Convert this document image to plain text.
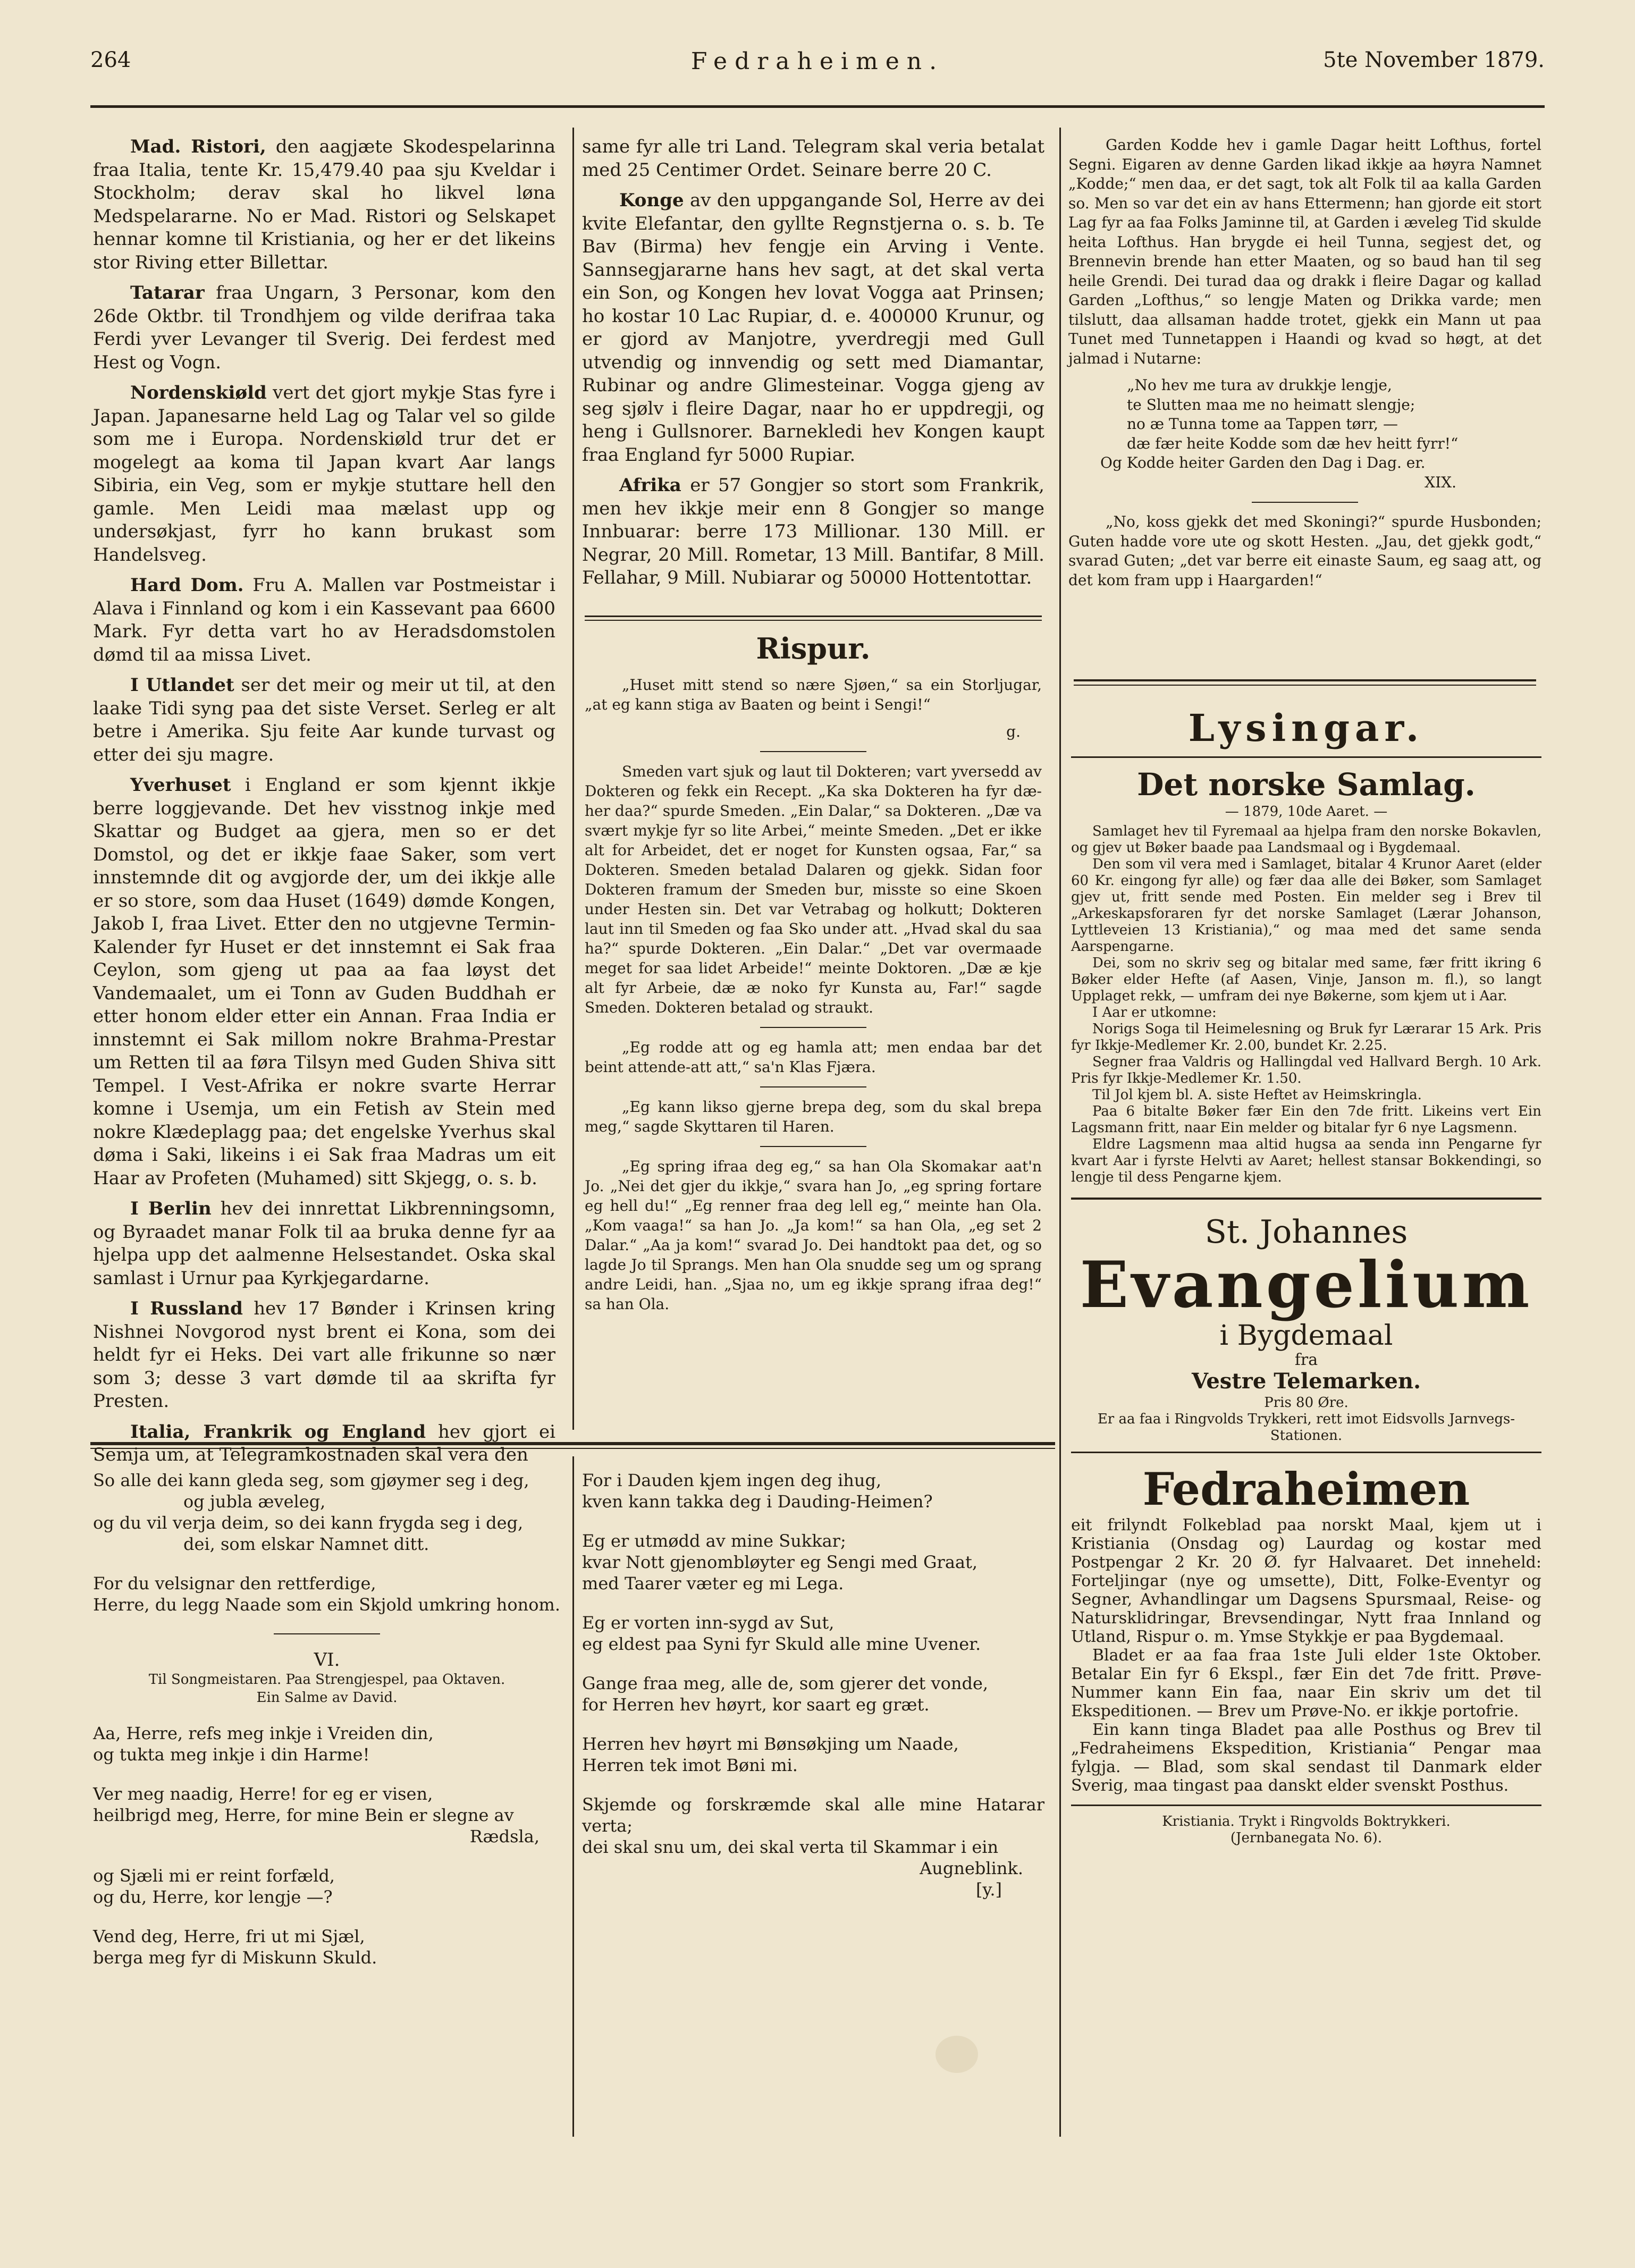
264	Fedraheimen.	5te November 1879.

Mad. Ristori, den aagjæte Skodespelarinna fraa Italia, tente Kr. 15,479.40 paa sju Kveldar i Stockholm; derav skal ho likvel løna Medspelararne. No er Mad. Ristori og Selskapet hennar komne til Kristiania, og her er det likeins stor Riving etter Billettar.

Tatarar fraa Ungarn, 3 Personar, kom den 26de Oktbr. til Trondhjem og vilde derifraa taka Ferdi yver Levanger til Sverig. Dei ferdest med Hest og Vogn.

Nordenskiøld vert det gjort mykje Stas fyre i Japan. Japanesarne held Lag og Talar vel so gilde som me i Europa. Nordenskiøld trur det er mogelegt aa koma til Japan kvart Aar langs Sibiria, ein Veg, som er mykje stuttare hell den gamle. Men Leidi maa mælast upp og undersøkjast, fyrr ho kann brukast som Handelsveg.

Hard Dom. Fru A. Mallen var Postmeistar i Alava i Finnland og kom i ein Kassevant paa 6600 Mark. Fyr detta vart ho av Heradsdomstolen dømd til aa missa Livet.

I Utlandet ser det meir og meir ut til, at den laake Tidi syng paa det siste Verset. Serleg er alt betre i Amerika. Sju feite Aar kunde turvast og etter dei sju magre.

Yverhuset i England er som kjennt ikkje berre loggjevande. Det hev visstnog inkje med Skattar og Budget aa gjera, men so er det Domstol, og det er ikkje faae Saker, som vert innstemnde dit og avgjorde der, um dei ikkje alle er so store, som daa Huset (1649) dømde Kongen, Jakob I, fraa Livet. Etter den no utgjevne Termin-Kalender fyr Huset er det innstemnt ei Sak fraa Ceylon, som gjeng ut paa aa faa løyst det Vandemaalet, um ei Tonn av Guden Buddhah er etter honom elder etter ein Annan. Fraa India er innstemnt ei Sak millom nokre Brahma-Prestar um Retten til aa føra Tilsyn med Guden Shiva sitt Tempel. I Vest-Afrika er nokre svarte Herrar komne i Usemja, um ein Fetish av Stein med nokre Klædeplagg paa; det engelske Yverhus skal døma i Saki, likeins i ei Sak fraa Madras um eit Haar av Profeten (Muhamed) sitt Skjegg, o. s. b.

I Berlin hev dei innrettat Likbrenningsomn, og Byraadet manar Folk til aa bruka denne fyr aa hjelpa upp det aalmenne Helsestandet. Oska skal samlast i Urnur paa Kyrkjegardarne.

I Russland hev 17 Bønder i Krinsen kring Nishnei Novgorod nyst brent ei Kona, som dei heldt fyr ei Heks. Dei vart alle frikunne so nær som 3; desse 3 vart dømde til aa skrifta fyr Presten.

Italia, Frankrik og England hev gjort ei Semja um, at Telegramkostnaden skal vera den

same fyr alle tri Land. Telegram skal veria betalat med 25 Centimer Ordet. Seinare berre 20 C.

Konge av den uppgangande Sol, Herre av dei kvite Elefantar, den gyllte Regnstjerna o. s. b. Te Bav (Birma) hev fengje ein Arving i Vente. Sannsegjararne hans hev sagt, at det skal verta ein Son, og Kongen hev lovat Vogga aat Prinsen; ho kostar 10 Lac Rupiar, d. e. 400000 Krunur, og er gjord av Manjotre, yverdregji med Gull utvendig og innvendig og sett med Diamantar, Rubinar og andre Glimesteinar. Vogga gjeng av seg sjølv i fleire Dagar, naar ho er uppdregji, og heng i Gullsnorer. Barnekledi hev Kongen kaupt fraa England fyr 5000 Rupiar.

Afrika er 57 Gongjer so stort som Frankrik, men hev ikkje meir enn 8 Gongjer so mange Innbuarar: berre 173 Millionar. 130 Mill. er Negrar, 20 Mill. Rometar, 13 Mill. Bantifar, 8 Mill. Fellahar, 9 Mill. Nubiarar og 50000 Hottentottar.

Rispur.

„Huset mitt stend so nære Sjøen,“ sa ein Storljugar, „at eg kann stiga av Baaten og beint i Sengi!“

g.

Smeden vart sjuk og laut til Dokteren; vart yversedd av Dokteren og fekk ein Recept. „Ka ska Dokteren ha fyr dæ-her daa?“ spurde Smeden. „Ein Dalar,“ sa Dokteren. „Dæ va svært mykje fyr so lite Arbei,“ meinte Smeden. „Det er ikke alt for Arbeidet, det er noget for Kunsten ogsaa, Far,“ sa Dokteren. Smeden betalad Dalaren og gjekk. Sidan foor Dokteren framum der Smeden bur, misste so eine Skoen under Hesten sin. Det var Vetrabag og holkutt; Dokteren laut inn til Smeden og faa Sko under att. „Hvad skal du saa ha?“ spurde Dokteren. „Ein Dalar.“ „Det var overmaade meget for saa lidet Arbeide!“ meinte Doktoren. „Dæ æ kje alt fyr Arbeie, dæ æ noko fyr Kunsta au, Far!“ sagde Smeden. Dokteren betalad og straukt.

„Eg rodde att og eg hamla att; men endaa bar det beint attende-att att,“ sa'n Klas Fjæra.

„Eg kann likso gjerne brepa deg, som du skal brepa meg,“ sagde Skyttaren til Haren.

„Eg spring ifraa deg eg,“ sa han Ola Skomakar aat'n Jo. „Nei det gjer du ikkje,“ svara han Jo, „eg spring fortare eg hell du!“ „Eg renner fraa deg lell eg,“ meinte han Ola. „Kom vaaga!“ sa han Jo. „Ja kom!“ sa han Ola, „eg set 2 Dalar.“ „Aa ja kom!“ svarad Jo. Dei handtokt paa det, og so lagde Jo til Sprangs. Men han Ola snudde seg um og sprang andre Leidi, han. „Sjaa no, um eg ikkje sprang ifraa deg!“ sa han Ola.

Garden Kodde hev i gamle Dagar heitt Lofthus, fortel Segni. Eigaren av denne Garden likad ikkje aa høyra Namnet „Kodde;“ men daa, er det sagt, tok alt Folk til aa kalla Garden so. Men so var det ein av hans Ettermenn; han gjorde eit stort Lag fyr aa faa Folks Jaminne til, at Garden i æveleg Tid skulde heita Lofthus. Han brygde ei heil Tunna, segjest det, og Brennevin brende han etter Maaten, og so baud han til seg heile Grendi. Dei turad daa og drakk i fleire Dagar og kallad Garden „Lofthus,“ so lengje Maten og Drikka varde; men tilslutt, daa allsaman hadde trotet, gjekk ein Mann ut paa Tunet med Tunnetappen i Haandi og kvad so høgt, at det jalmad i Nutarne:

„No hev me tura av drukkje lengje,
te Slutten maa me no heimatt slengje;
no æ Tunna tome aa Tappen tørr, —
dæ fær heite Kodde som dæ hev heitt fyrr!“
Og Kodde heiter Garden den Dag i Dag. er.
XIX.

„No, koss gjekk det med Skoningi?“ spurde Husbonden; Guten hadde vore ute og skott Hesten. „Jau, det gjekk godt,“ svarad Guten; „det var berre eit einaste Saum, eg saag att, og det kom fram upp i Haargarden!“

Lysingar.
Det norske Samlag.
— 1879, 10de Aaret. —

Samlaget hev til Fyremaal aa hjelpa fram den norske Bokavlen, og gjev ut Bøker baade paa Landsmaal og i Bygdemaal.

Den som vil vera med i Samlaget, bitalar 4 Krunor Aaret (elder 60 Kr. eingong fyr alle) og fær daa alle dei Bøker, som Samlaget gjev ut, fritt sende med Posten. Ein melder seg i Brev til „Arkeskapsforaren fyr det norske Samlaget (Lærar Johanson, Lyttleveien 13 Kristiania),“ og maa med det same senda Aarspengarne.

Dei, som no skriv seg og bitalar med same, fær fritt ikring 6 Bøker elder Hefte (af Aasen, Vinje, Janson m. fl.), so langt Upplaget rekk, — umfram dei nye Bøkerne, som kjem ut i Aar.

I Aar er utkomne:

Norigs Soga til Heimelesning og Bruk fyr Lærarar 15 Ark. Pris fyr Ikkje-Medlemer Kr. 2.00, bundet Kr. 2.25.

Segner fraa Valdris og Hallingdal ved Hallvard Bergh. 10 Ark. Pris fyr Ikkje-Medlemer Kr. 1.50.

Til Jol kjem bl. A. siste Heftet av Heimskringla.

Paa 6 bitalte Bøker fær Ein den 7de fritt. Likeins vert Ein Lagsmann fritt, naar Ein melder og bitalar fyr 6 nye Lagsmenn.

Eldre Lagsmenn maa altid hugsa aa senda inn Pengarne fyr kvart Aar i fyrste Helvti av Aaret; hellest stansar Bokkendingi, so lengje til dess Pengarne kjem.

St. Johannes
Evangelium
i Bygdemaal
fra
Vestre Telemarken.
Pris 80 Øre.
Er aa faa i Ringvolds Trykkeri, rett imot Eidsvolls Jarnvegs-Stationen.
Fedraheimen

eit frilyndt Folkeblad paa norskt Maal, kjem ut i Kristiania (Onsdag og) Laurdag og kostar med Postpengar 2 Kr. 20 Ø. fyr Halvaaret. Det inneheld: Forteljingar (nye og umsette), Ditt, Folke-Eventyr og Segner, Avhandlingar um Dagsens Spursmaal, Reise- og Natursklidringar, Brevsendingar, Nytt fraa Innland og Utland, Rispur o. m. Ymse Stykkje er paa Bygdemaal.

Bladet er aa faa fraa 1ste Juli elder 1ste Oktober. Betalar Ein fyr 6 Ekspl., fær Ein det 7de fritt. Prøve-Nummer kann Ein faa, naar Ein skriv um det til Ekspeditionen. — Brev um Prøve-No. er ikkje portofrie.

Ein kann tinga Bladet paa alle Posthus og Brev til „Fedraheimens Ekspedition, Kristiania“ Pengar maa fylgja. — Blad, som skal sendast til Danmark elder Sverig, maa tingast paa danskt elder svenskt Posthus.

Kristiania. Trykt i Ringvolds Boktrykkeri.
(Jernbanegata No. 6).
So alle dei kann gleda seg, som gjøymer seg i deg,
og jubla æveleg,
og du vil verja deim, so dei kann frygda seg i deg,
dei, som elskar Namnet ditt.
For du velsignar den rettferdige,
Herre, du legg Naade som ein Skjold umkring honom.
VI.
Til Songmeistaren. Paa Strengjespel, paa Oktaven.
Ein Salme av David.
Aa, Herre, refs meg inkje i Vreiden din,
og tukta meg inkje i din Harme!
Ver meg naadig, Herre! for eg er visen,
heilbrigd meg, Herre, for mine Bein er slegne av
Rædsla,
og Sjæli mi er reint forfæld,
og du, Herre, kor lengje —?
Vend deg, Herre, fri ut mi Sjæl,
berga meg fyr di Miskunn Skuld.
For i Dauden kjem ingen deg ihug,
kven kann takka deg i Dauding-Heimen?
Eg er utmødd av mine Sukkar;
kvar Nott gjenombløyter eg Sengi med Graat,
med Taarer væter eg mi Lega.
Eg er vorten inn-sygd av Sut,
eg eldest paa Syni fyr Skuld alle mine Uvener.
Gange fraa meg, alle de, som gjerer det vonde,
for Herren hev høyrt, kor saart eg græt.
Herren hev høyrt mi Bønsøkjing um Naade,
Herren tek imot Bøni mi.
Skjemde og forskræmde skal alle mine Hatarar verta;
dei skal snu um, dei skal verta til Skammar i ein
Augneblink.
[y.]
